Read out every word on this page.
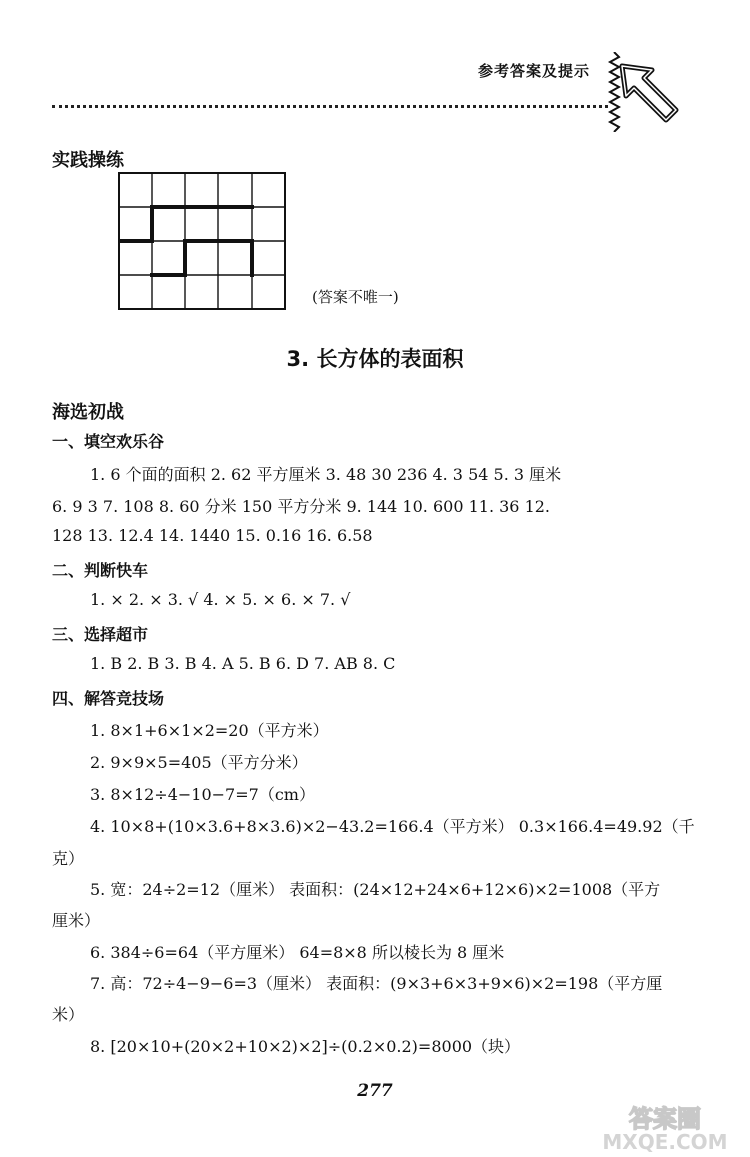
参考答案及提示
实践操练
(答案不唯一)
3. 长方体的表面积
海选初战
一、填空欢乐谷
1. 6 个面的面积 2. 62 平方厘米 3. 48 30 236 4. 3 54 5. 3 厘米
6. 9 3 7. 108 8. 60 分米 150 平方分米 9. 144 10. 600 11. 36 12.
128 13. 12.4 14. 1440 15. 0.16 16. 6.58
二、判断快车
1. × 2. × 3. √ 4. × 5. × 6. × 7. √
三、选择超市
1. B 2. B 3. B 4. A 5. B 6. D 7. AB 8. C
四、解答竞技场
1. 8×1+6×1×2=20（平方米）
2. 9×9×5=405（平方分米）
3. 8×12÷4−10−7=7（cm）
4. 10×8+(10×3.6+8×3.6)×2−43.2=166.4（平方米） 0.3×166.4=49.92（千
克）
5. 宽：24÷2=12（厘米） 表面积：(24×12+24×6+12×6)×2=1008（平方
厘米）
6. 384÷6=64（平方厘米） 64=8×8 所以棱长为 8 厘米
7. 高：72÷4−9−6=3（厘米） 表面积：(9×3+6×3+9×6)×2=198（平方厘
米）
8. [20×10+(20×2+10×2)×2]÷(0.2×0.2)=8000（块）
277
答案圈
MXQE.COM
